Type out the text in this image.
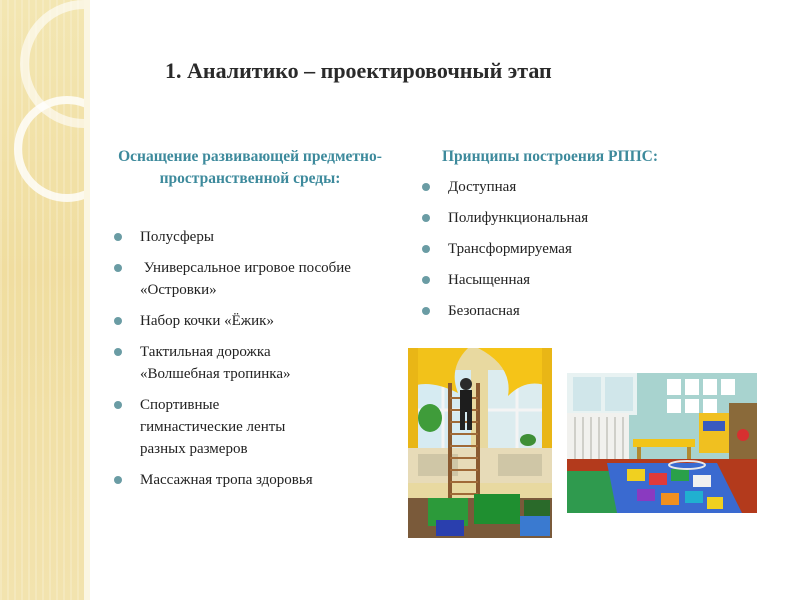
1. Аналитико – проектировочный этап
Оснащение развивающей предметно-пространственной среды:
Полусферы
Универсальное игровое пособие «Островки»
Набор кочки «Ёжик»
Тактильная дорожка «Волшебная тропинка»
Спортивные гимнастические ленты разных размеров
Массажная тропа здоровья
Принципы построения РППС:
Доступная
Полифункциональная
Трансформируемая
Насыщенная
Безопасная
